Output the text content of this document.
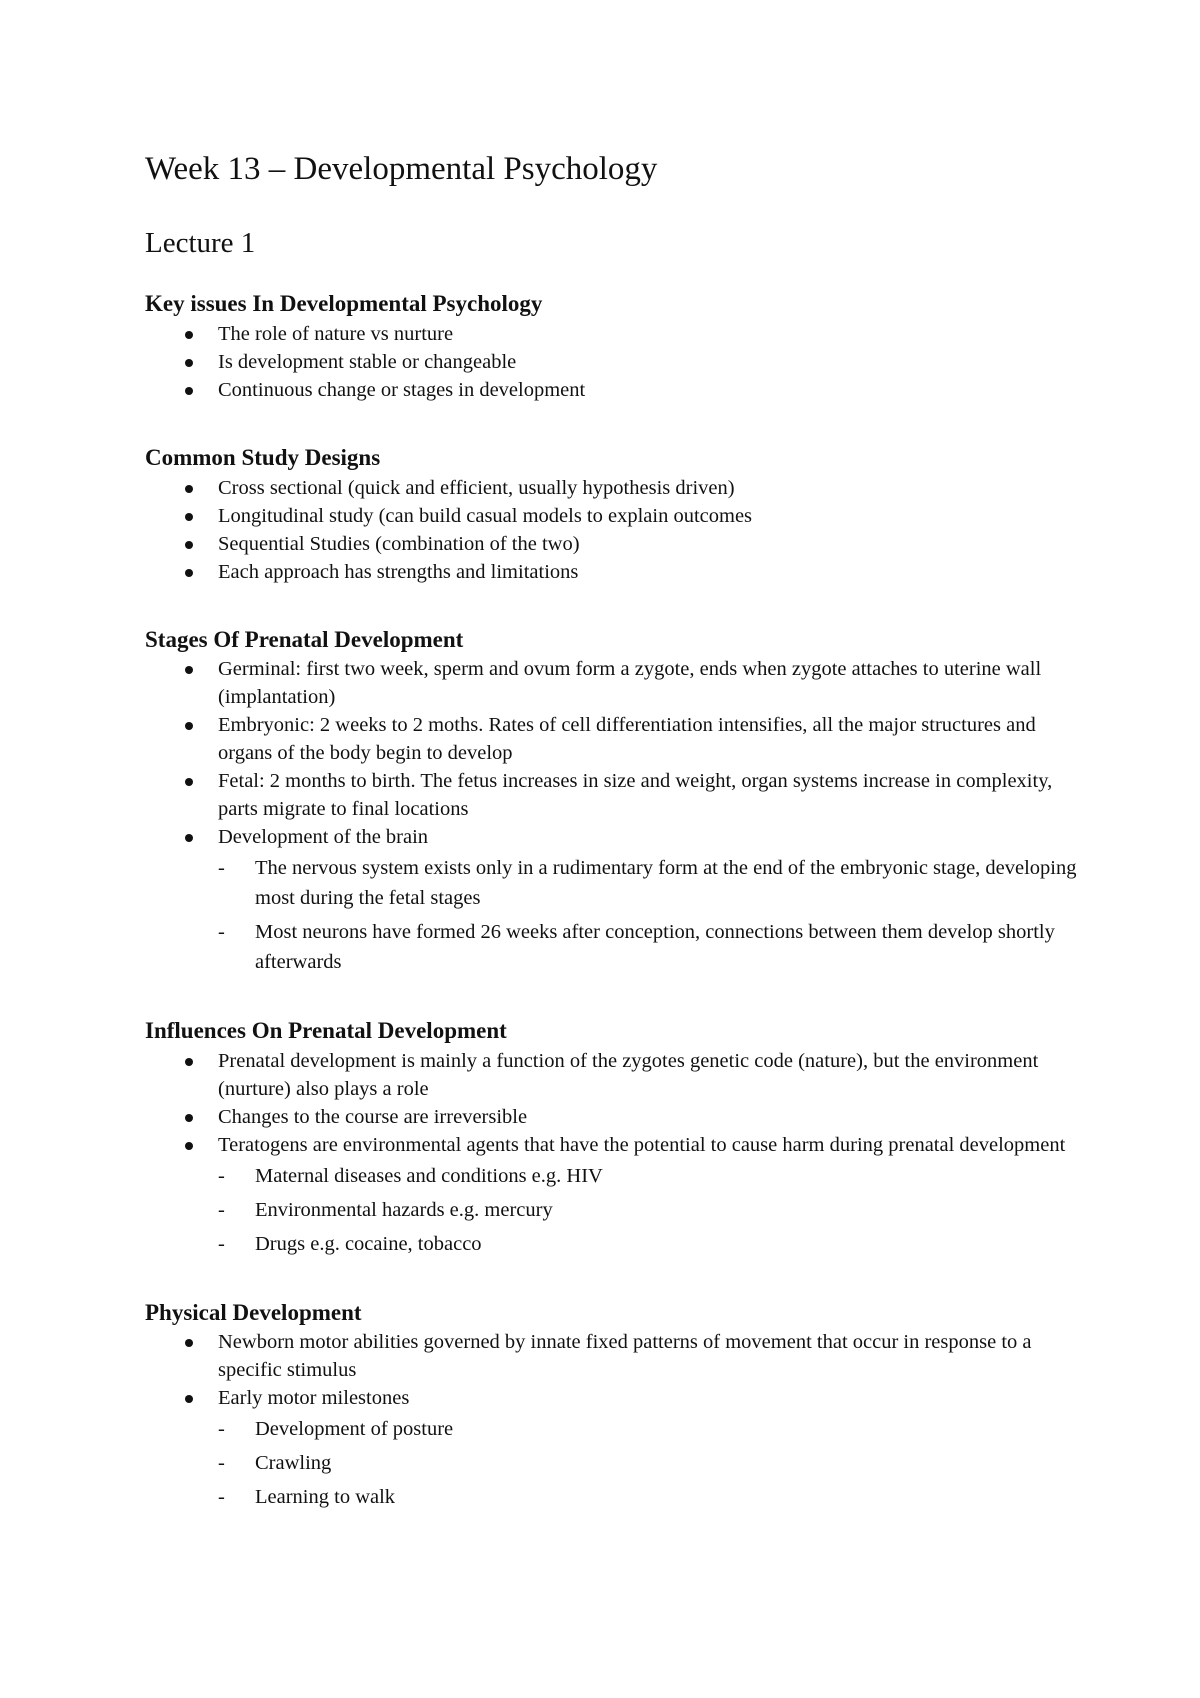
Week 13 – Developmental Psychology
Lecture 1
Key issues In Developmental Psychology
The role of nature vs nurture
Is development stable or changeable
Continuous change or stages in development
Common Study Designs
Cross sectional (quick and efficient, usually hypothesis driven)
Longitudinal study (can build casual models to explain outcomes
Sequential Studies (combination of the two)
Each approach has strengths and limitations
Stages Of Prenatal Development
Germinal: first two week, sperm and ovum form a zygote, ends when zygote attaches to uterine wall (implantation)
Embryonic: 2 weeks to 2 moths. Rates of cell differentiation intensifies, all the major structures and organs of the body begin to develop
Fetal: 2 months to birth. The fetus increases in size and weight, organ systems increase in complexity, parts migrate to final locations
Development of the brain
- The nervous system exists only in a rudimentary form at the end of the embryonic stage, developing most during the fetal stages
- Most neurons have formed 26 weeks after conception, connections between them develop shortly afterwards
Influences On Prenatal Development
Prenatal development is mainly a function of the zygotes genetic code (nature), but the environment (nurture) also plays a role
Changes to the course are irreversible
Teratogens are environmental agents that have the potential to cause harm during prenatal development
- Maternal diseases and conditions e.g. HIV
- Environmental hazards e.g. mercury
- Drugs e.g. cocaine, tobacco
Physical Development
Newborn motor abilities governed by innate fixed patterns of movement that occur in response to a specific stimulus
Early motor milestones
- Development of posture
- Crawling
- Learning to walk
